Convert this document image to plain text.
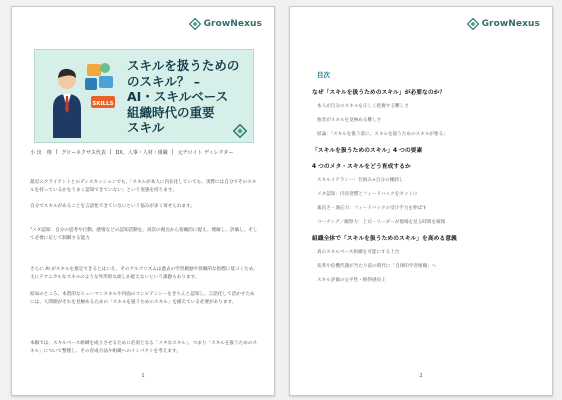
GrowNexus
SKILLS
スキルを扱うための
のスキル？ –
AI・スキルベース
組織時代の重要
スキル
小 出　翔 | グローネクサス代表 | DX、人事・人材・組織 | 元デロイト ディレクター
最近のクライアントとのディスカッションでも、「スキルが本人に内在化していても、実際には自分でそのスキルを持っているかをうまく認知できていない」という実感を持ちます。
自分でスキルがあることを言語化できていないという悩みが多く寄せられます。
"メタ認知：自分の思考や行動、感情などの認知活動を、高次の視点から客観的に捉え、理解し、評価し、そして必要に応じて制御する能力
さらに AI がスキルを推定できるとはいえ、そのアルゴリズムは過去の学習履歴や客観的な指標に基づくため、主にテクニカルなスキルのような外形的な面しか捉えないという課題もあります。
結局のところ、本質的なヒューマンスキルや内面のコンピテンシーをきちんと認知し、言語化して活かすためには、人間側がそれを見極めるための「スキルを扱うためのスキル」を備えている必要があります。
本稿では、スキルベース組織を成立させるために必須となる「メタなスキル」、つまり「スキルを扱うためのスキル」について整理し、その育成方法や組織へのインパクトを考えます。
1
GrowNexus
目次
なぜ「スキルを扱うためのスキル」が必要なのか？
本人が自分のスキルを正しく把握する難しさ
他者がスキルを見極める難しさ
結論：「スキルを扱う前に、スキルを扱うためのスキルが要る」
「スキルを扱うためのスキル」4 つの要素
4 つのメタ・スキルをどう育成するか
スキルリテラシー：仕組み×自分の棚卸し
メタ認知：内省習慣とフィードバックをセットに
素直さ・適応力：フィードバックの受け手力を伸ばす
コーチング／観察力：上司・リーダーが現場を見る時間を確保
組織全体で「スキルを扱うためのスキル」を高める意義
真のスキルベース組織を可能にする土台
変革や危機代謝が当たり前の時代に「自律的学習組織」へ
スキル評価の公平性・納得感向上
2
